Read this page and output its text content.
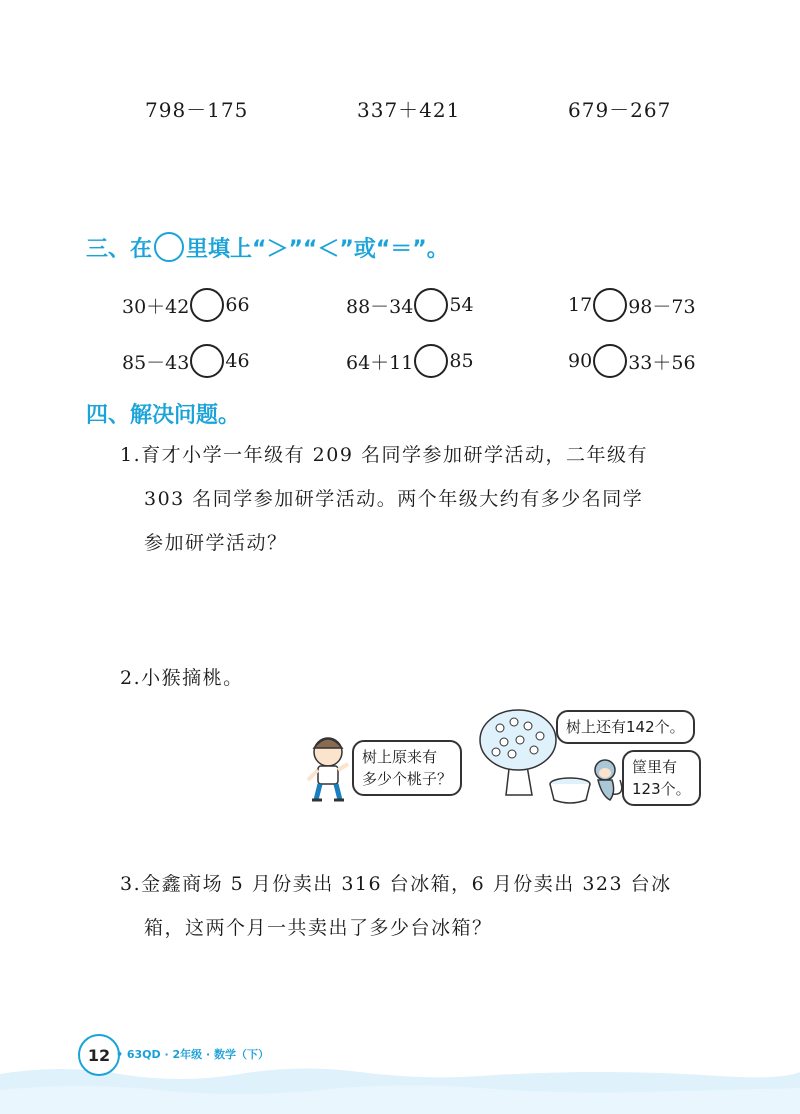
798－175	337＋421	679－267
三、在 里填上“＞”“＜”或“＝”。
30＋42 66	88－34 54	17 98－73
85－43 46	64＋11 85	90 33＋56
四、解决问题。
1.育才小学一年级有 209 名同学参加研学活动，二年级有
303 名同学参加研学活动。两个年级大约有多少名同学
参加研学活动？
2.小猴摘桃。
树上原来有
多少个桃子？
树上还有142个。
筐里有
123个。
3.金鑫商场 5 月份卖出 316 台冰箱，6 月份卖出 323 台冰
箱，这两个月一共卖出了多少台冰箱？
12 • 63QD · 2年级 · 数学（下）
